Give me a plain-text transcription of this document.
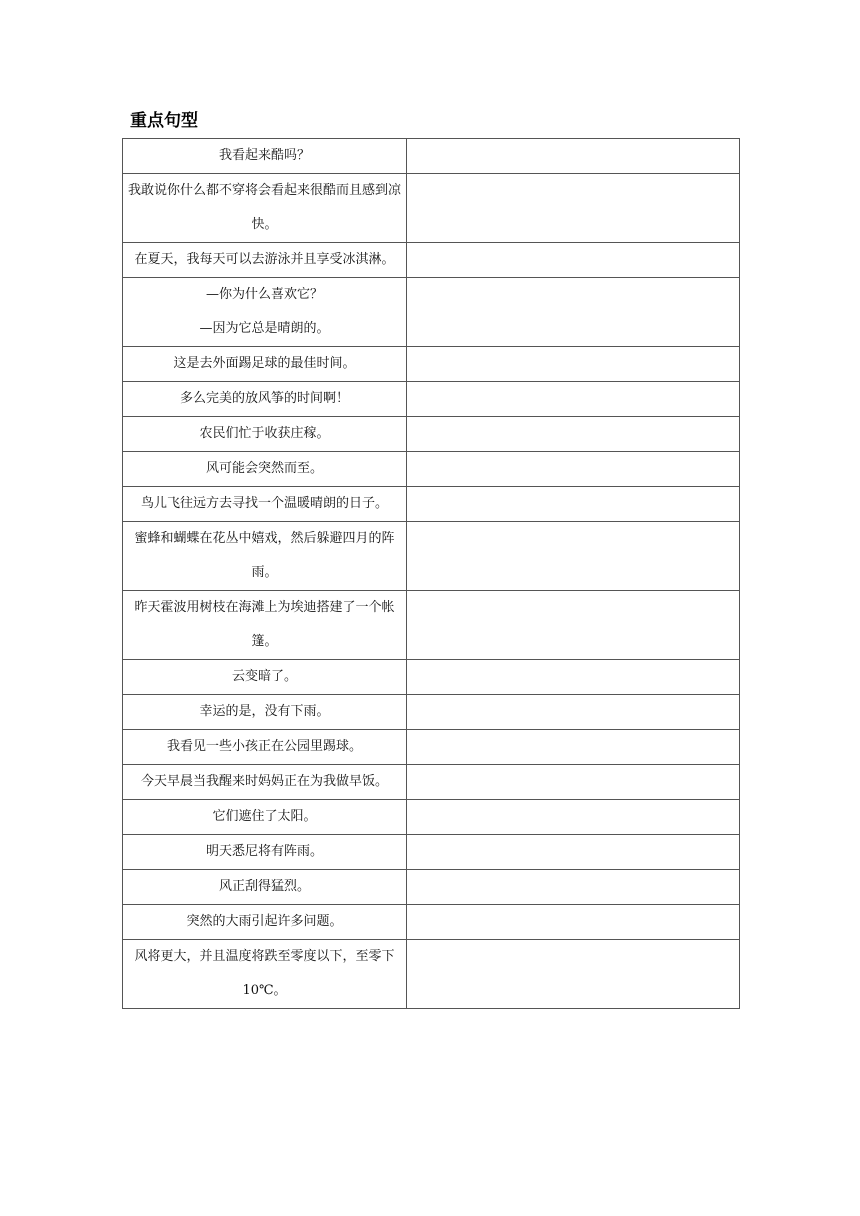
重点句型
我看起来酷吗？	
我敢说你什么都不穿将会看起来很酷而且感到凉快。	
在夏天，我每天可以去游泳并且享受冰淇淋。	
—你为什么喜欢它？
—因为它总是晴朗的。	
这是去外面踢足球的最佳时间。	
多么完美的放风筝的时间啊！	
农民们忙于收获庄稼。	
风可能会突然而至。	
鸟儿飞往远方去寻找一个温暖晴朗的日子。	
蜜蜂和蝴蝶在花丛中嬉戏，然后躲避四月的阵雨。	
昨天霍波用树枝在海滩上为埃迪搭建了一个帐篷。	
云变暗了。	
幸运的是，没有下雨。	
我看见一些小孩正在公园里踢球。	
今天早晨当我醒来时妈妈正在为我做早饭。	
它们遮住了太阳。	
明天悉尼将有阵雨。	
风正刮得猛烈。	
突然的大雨引起许多问题。	
风将更大，并且温度将跌至零度以下，至零下 10℃。	
